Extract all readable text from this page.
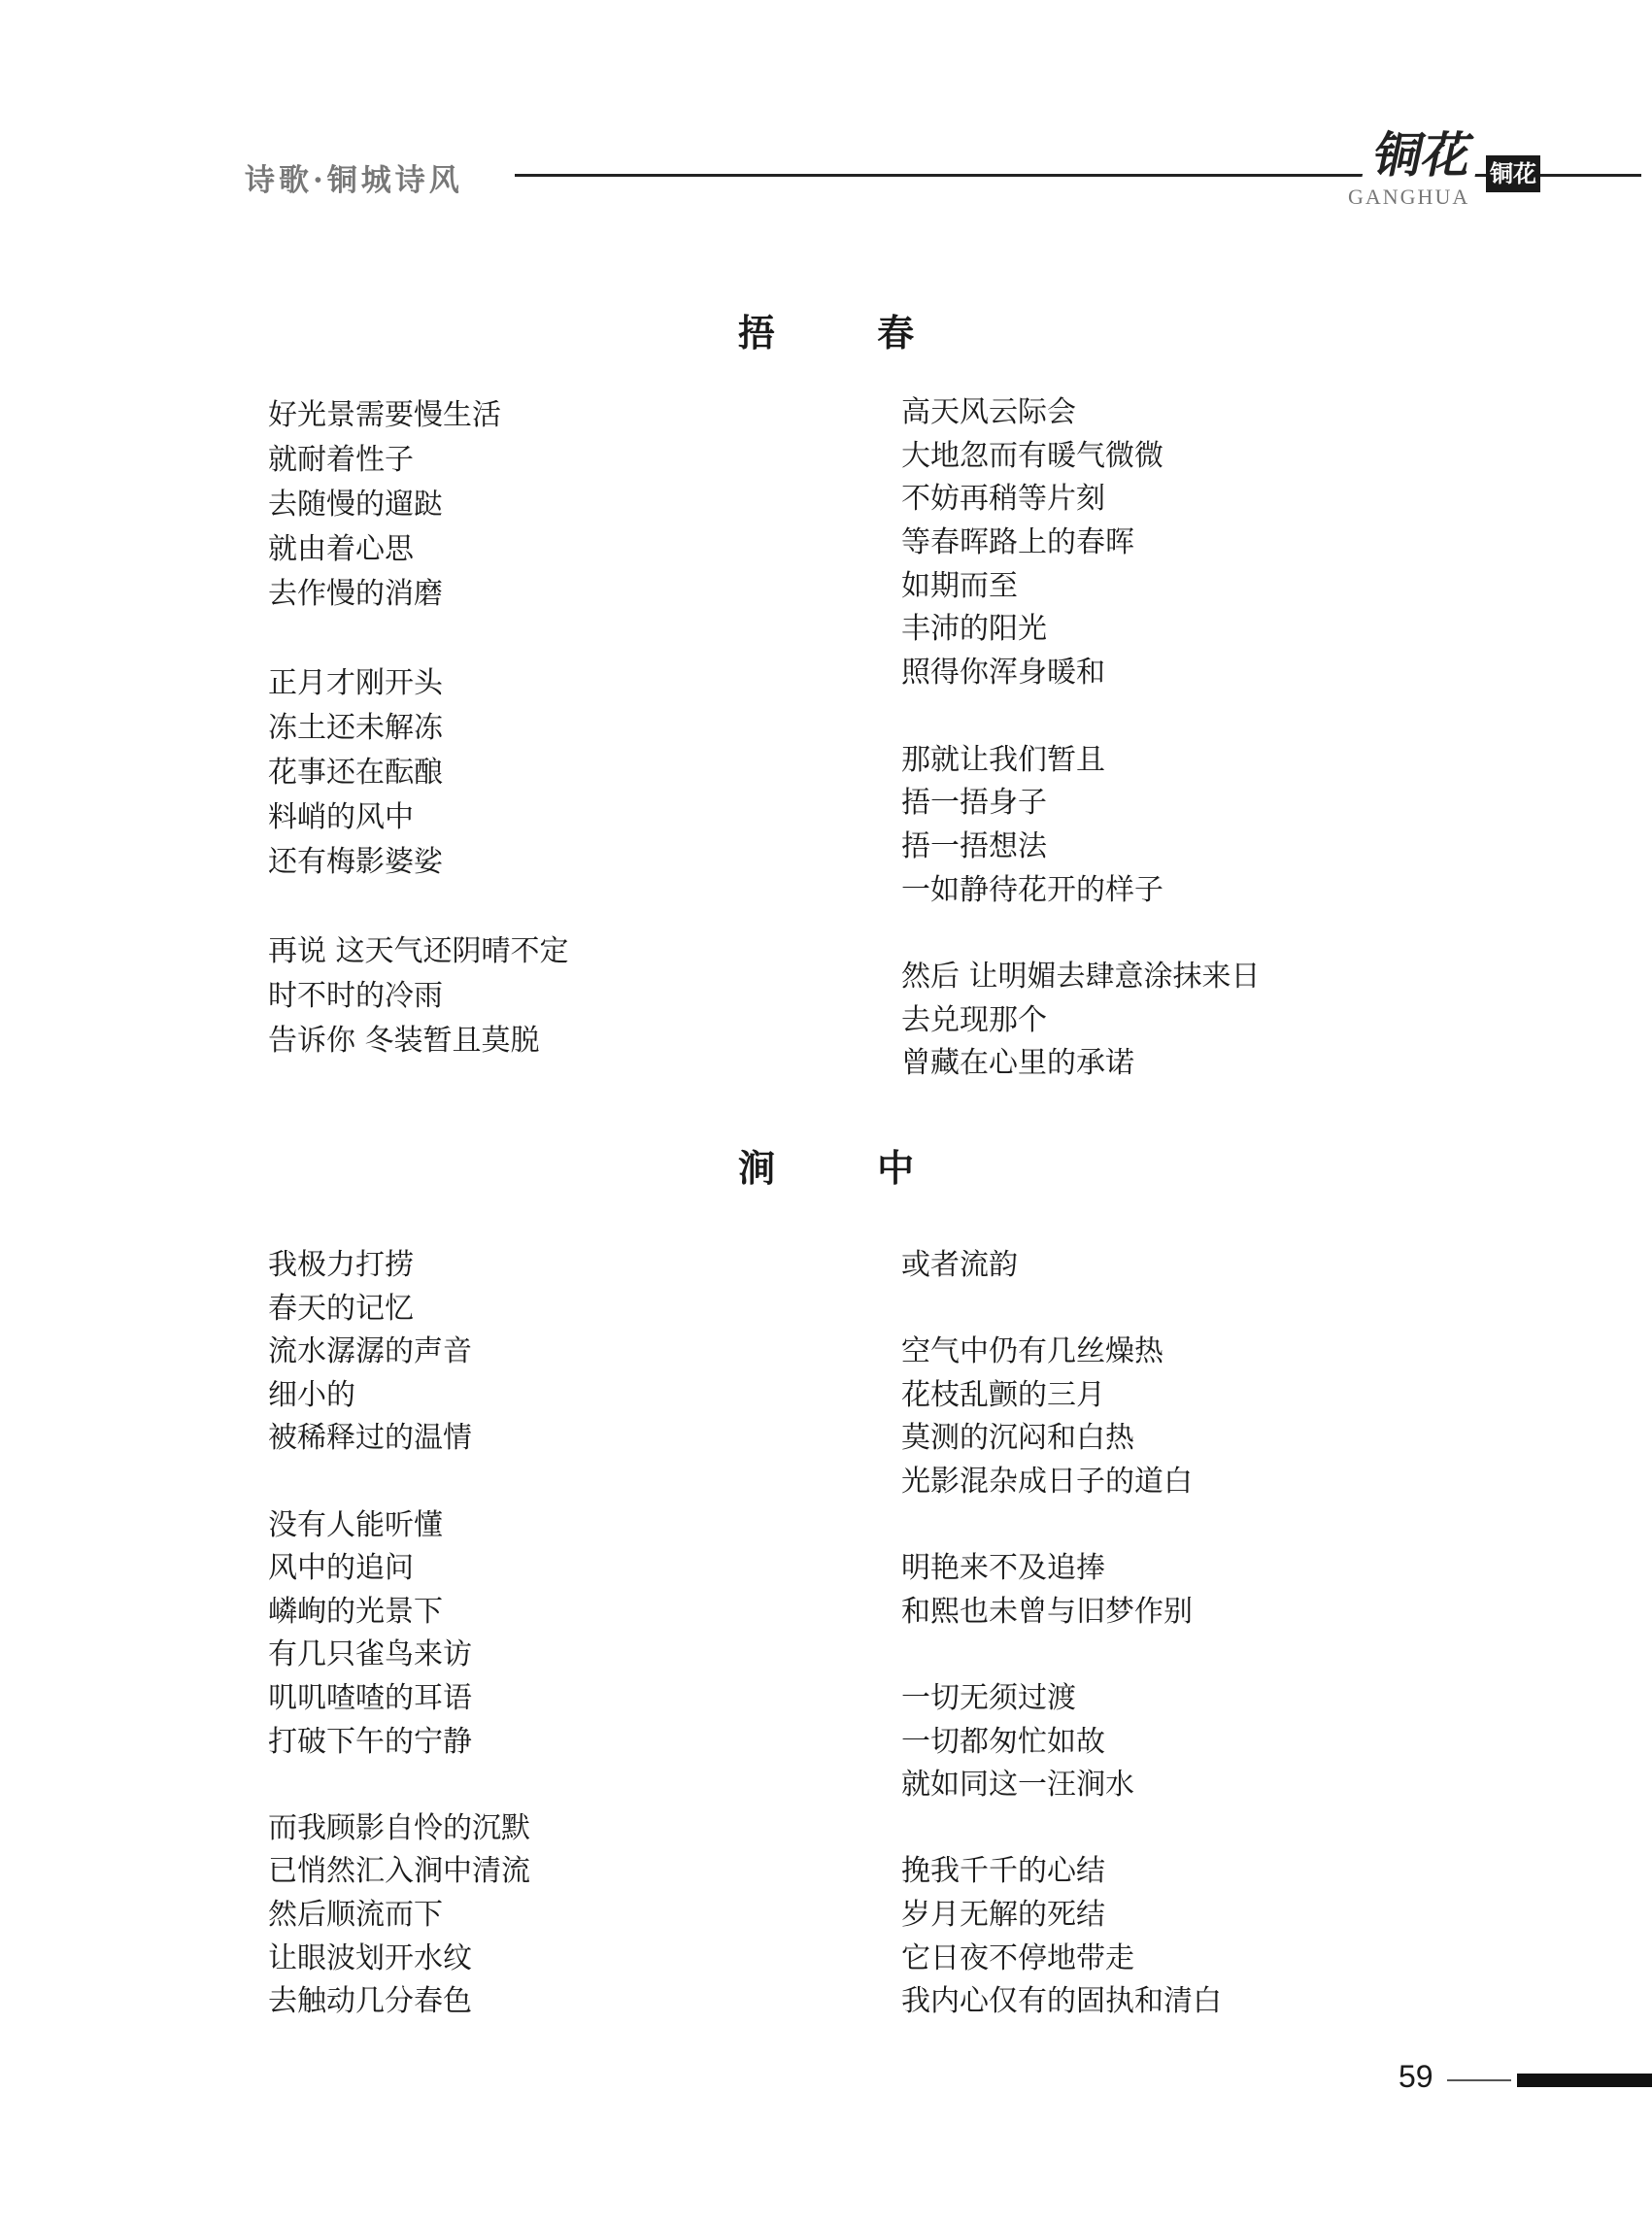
诗歌·铜城诗风	铜花
GANGHUA
铜花
捂 春
好光景需要慢生活
就耐着性子
去随慢的遛跶
就由着心思
去作慢的消磨
正月才刚开头
冻土还未解冻
花事还在酝酿
料峭的风中
还有梅影婆娑
再说 这天气还阴晴不定
时不时的冷雨
告诉你 冬装暂且莫脱
高天风云际会
大地忽而有暖气微微
不妨再稍等片刻
等春晖路上的春晖
如期而至
丰沛的阳光
照得你浑身暖和
那就让我们暂且
捂一捂身子
捂一捂想法
一如静待花开的样子
然后 让明媚去肆意涂抹来日
去兑现那个
曾藏在心里的承诺
涧 中
我极力打捞
春天的记忆
流水潺潺的声音
细小的
被稀释过的温情
没有人能听懂
风中的追问
嶙峋的光景下
有几只雀鸟来访
叽叽喳喳的耳语
打破下午的宁静
而我顾影自怜的沉默
已悄然汇入涧中清流
然后顺流而下
让眼波划开水纹
去触动几分春色
或者流韵
空气中仍有几丝燥热
花枝乱颤的三月
莫测的沉闷和白热
光影混杂成日子的道白
明艳来不及追捧
和熙也未曾与旧梦作别
一切无须过渡
一切都匆忙如故
就如同这一汪涧水
挽我千千的心结
岁月无解的死结
它日夜不停地带走
我内心仅有的固执和清白
59
